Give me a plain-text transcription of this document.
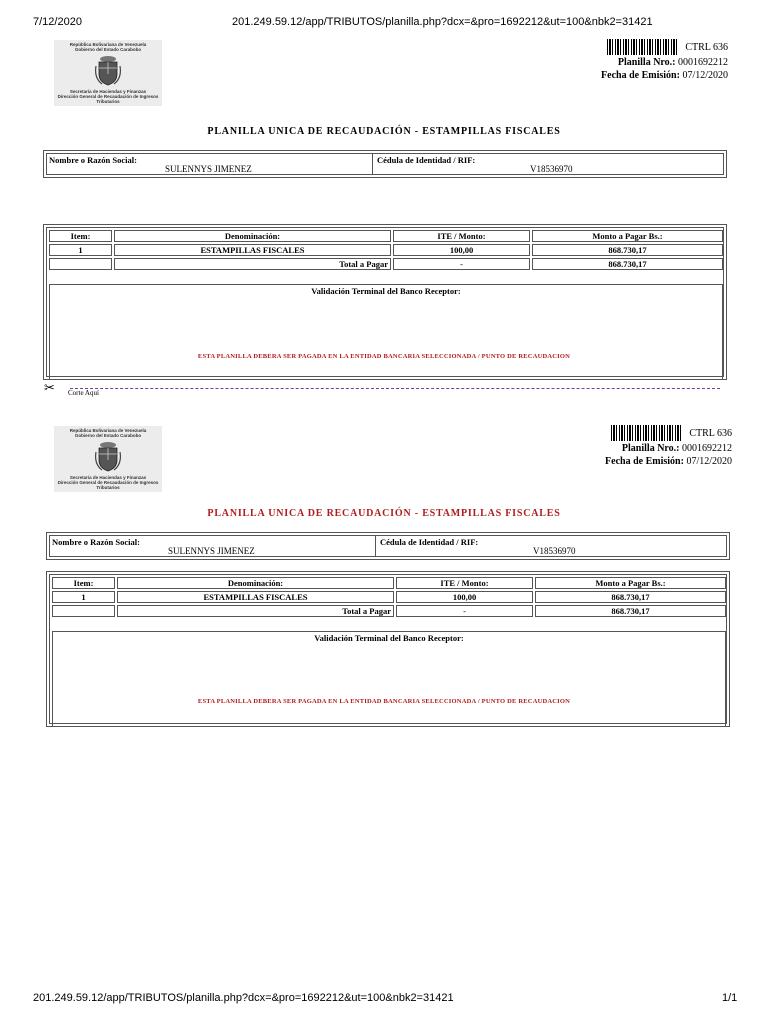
7/12/2020	201.249.59.12/app/TRIBUTOS/planilla.php?dcx=&pro=1692212&ut=100&nbk2=31421
República Bolivariana de Venezuela
Gobierno del Estado Carabobo
Secretaría de Haciendas y Finanzas
Dirección General de Recaudación de Ingresos
Tributarios
CTRL 636
Planilla Nro.: 0001692212
Fecha de Emisión: 07/12/2020
PLANILLA UNICA DE RECAUDACIÓN - ESTAMPILLAS FISCALES
Nombre o Razón Social:
SULENNYS JIMENEZ
Cédula de Identidad / RIF:
V18536970
Item:	Denominación:	ITE / Monto:	Monto a Pagar Bs.:
1	ESTAMPILLAS FISCALES	100,00	868.730,17
	Total a Pagar	-	868.730,17
Validación Terminal del Banco Receptor:
ESTA PLANILLA DEBERA SER PAGADA EN LA ENTIDAD BANCARIA SELECCIONADA / PUNTO DE RECAUDACION
✂ Corte Aquí
República Bolivariana de Venezuela
Gobierno del Estado Carabobo
Secretaría de Haciendas y Finanzas
Dirección General de Recaudación de Ingresos
Tributarios
CTRL 636
Planilla Nro.: 0001692212
Fecha de Emisión: 07/12/2020
PLANILLA UNICA DE RECAUDACIÓN - ESTAMPILLAS FISCALES
Nombre o Razón Social:
SULENNYS JIMENEZ
Cédula de Identidad / RIF:
V18536970
Item:	Denominación:	ITE / Monto:	Monto a Pagar Bs.:
1	ESTAMPILLAS FISCALES	100,00	868.730,17
	Total a Pagar	-	868.730,17
Validación Terminal del Banco Receptor:
ESTA PLANILLA DEBERA SER PAGADA EN LA ENTIDAD BANCARIA SELECCIONADA / PUNTO DE RECAUDACION
201.249.59.12/app/TRIBUTOS/planilla.php?dcx=&pro=1692212&ut=100&nbk2=31421	1/1
